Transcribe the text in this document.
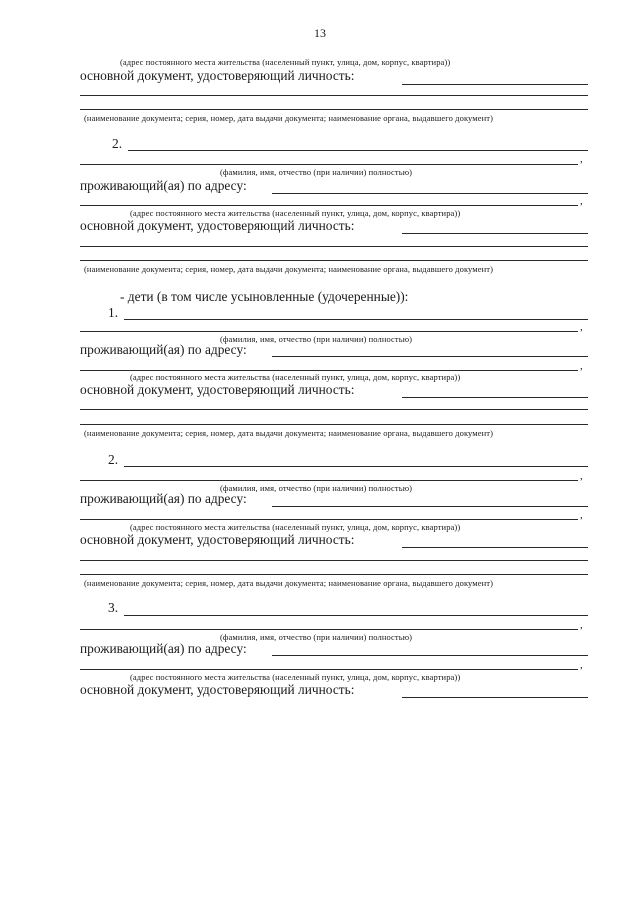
13
(адрес постоянного места жительства (населенный пункт, улица, дом, корпус, квартира))
основной документ, удостоверяющий личность:
(наименование документа; серия, номер, дата выдачи документа; наименование органа, выдавшего документ)
2.
,
(фамилия, имя, отчество (при наличии) полностью)
проживающий(ая) по адресу:
,
(адрес постоянного места жительства (населенный пункт, улица, дом, корпус, квартира))
основной документ, удостоверяющий личность:
(наименование документа; серия, номер, дата выдачи документа; наименование органа, выдавшего документ)
- дети (в том числе усыновленные (удочеренные)):
1.
,
(фамилия, имя, отчество (при наличии) полностью)
проживающий(ая) по адресу:
,
(адрес постоянного места жительства (населенный пункт, улица, дом, корпус, квартира))
основной документ, удостоверяющий личность:
(наименование документа; серия, номер, дата выдачи документа; наименование органа, выдавшего документ)
2.
,
(фамилия, имя, отчество (при наличии) полностью)
проживающий(ая) по адресу:
,
(адрес постоянного места жительства (населенный пункт, улица, дом, корпус, квартира))
основной документ, удостоверяющий личность:
(наименование документа; серия, номер, дата выдачи документа; наименование органа, выдавшего документ)
3.
,
(фамилия, имя, отчество (при наличии) полностью)
проживающий(ая) по адресу:
,
(адрес постоянного места жительства (населенный пункт, улица, дом, корпус, квартира))
основной документ, удостоверяющий личность:
